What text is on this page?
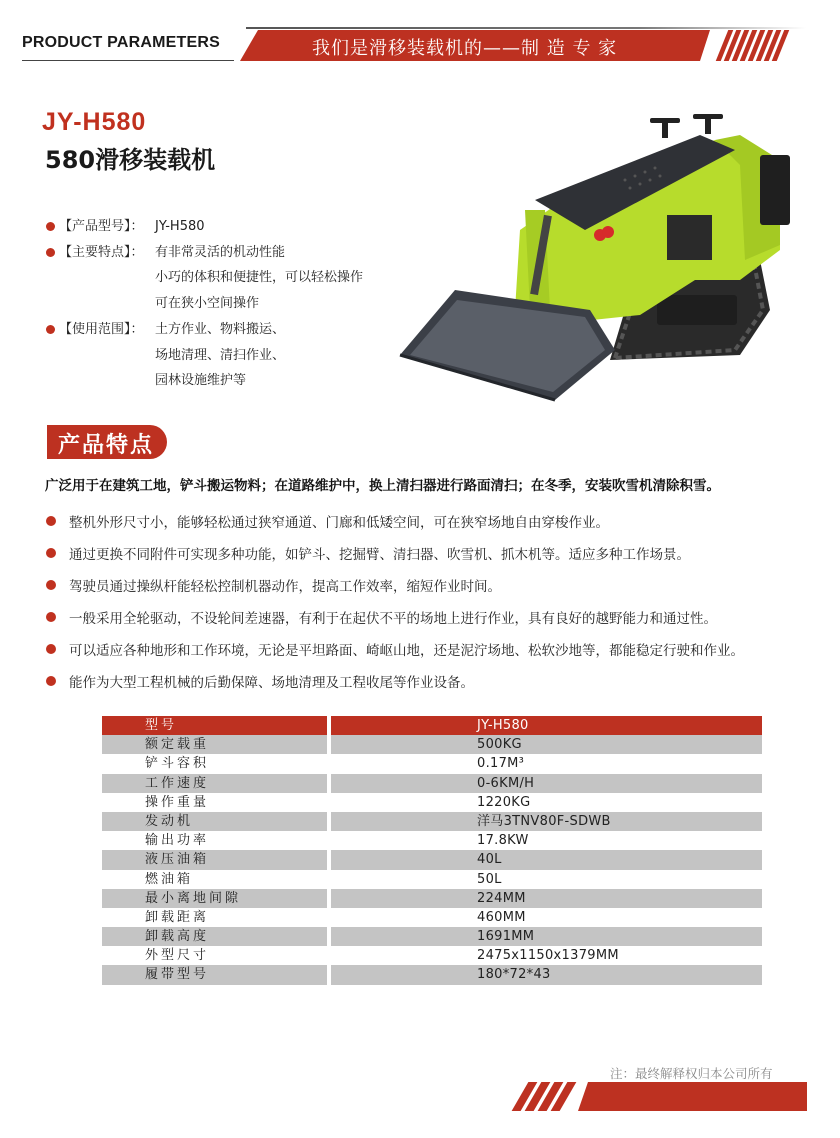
PRODUCT PARAMETERS	我们是滑移装载机的——制 造 专 家
JY-H580
580滑移装载机
【产品型号】： JY-H580
【主要特点】： 有非常灵活的机动性能
小巧的体积和便捷性，可以轻松操作
可在狭小空间操作
【使用范围】： 土方作业、物料搬运、
场地清理、清扫作业、
园林设施维护等
产品特点
广泛用于在建筑工地，铲斗搬运物料；在道路维护中，换上清扫器进行路面清扫；在冬季，安装吹雪机清除积雪。
整机外形尺寸小，能够轻松通过狭窄通道、门廊和低矮空间，可在狭窄场地自由穿梭作业。
通过更换不同附件可实现多种功能，如铲斗、挖掘臂、清扫器、吹雪机、抓木机等。适应多种工作场景。
驾驶员通过操纵杆能轻松控制机器动作，提高工作效率，缩短作业时间。
一般采用全轮驱动，不设轮间差速器，有利于在起伏不平的场地上进行作业，具有良好的越野能力和通过性。
可以适应各种地形和工作环境，无论是平坦路面、崎岖山地，还是泥泞场地、松软沙地等，都能稳定行驶和作业。
能作为大型工程机械的后勤保障、场地清理及工程收尾等作业设备。
型号	JY-H580
额定载重	500KG
铲斗容积	0.17M³
工作速度	0-6KM/H
操作重量	1220KG
发动机	洋马3TNV80F-SDWB
输出功率	17.8KW
液压油箱	40L
燃油箱	50L
最小离地间隙	224MM
卸载距离	460MM
卸载高度	1691MM
外型尺寸	2475x1150x1379MM
履带型号	180*72*43
注：最终解释权归本公司所有
